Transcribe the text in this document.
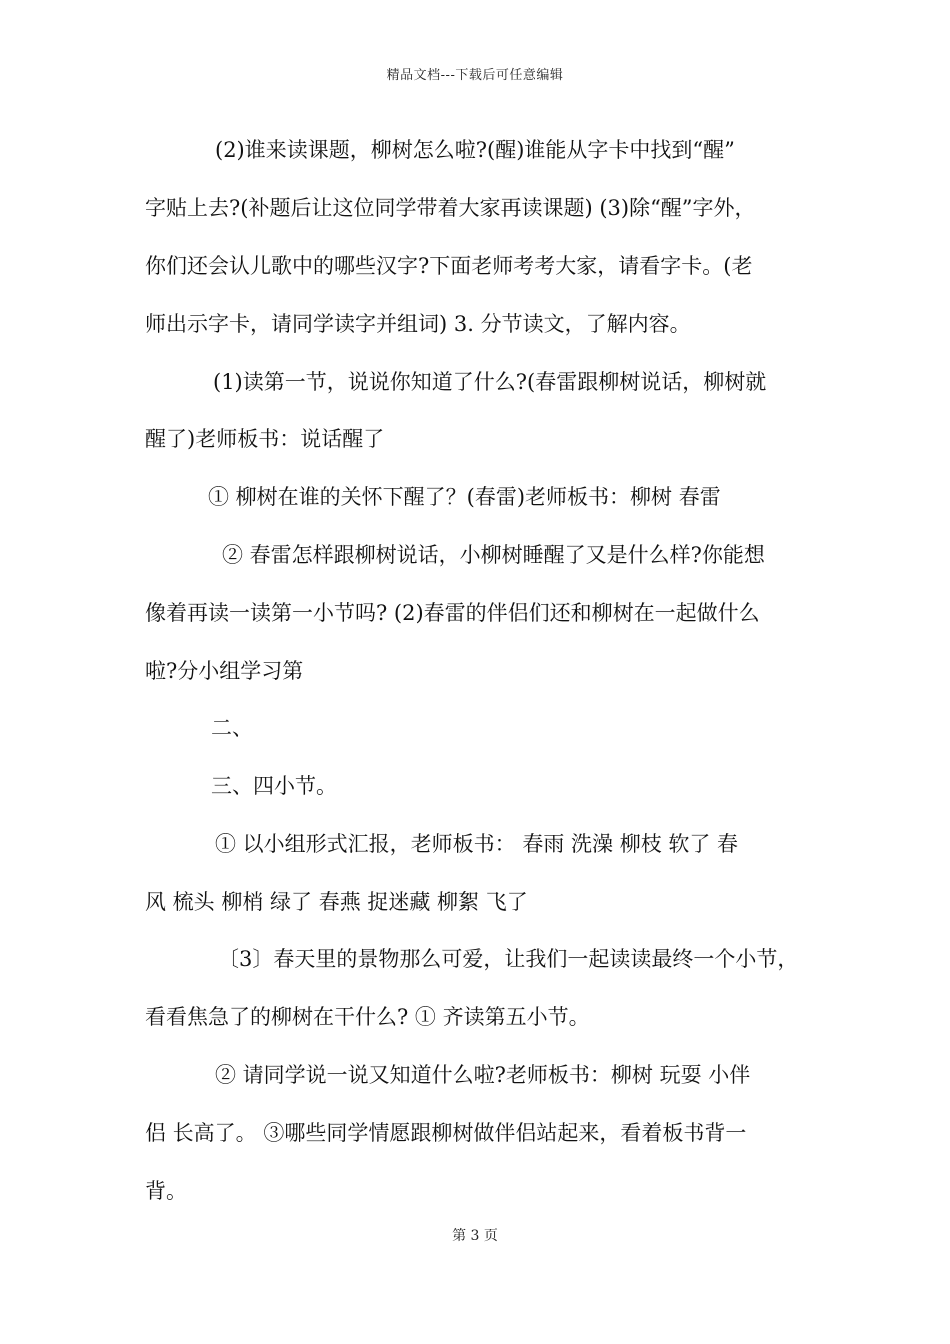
精品文档---下载后可任意编辑
(2)谁来读课题，柳树怎么啦?(醒)谁能从字卡中找到“醒”
字贴上去?(补题后让这位同学带着大家再读课题) (3)除“醒”字外，
你们还会认儿歌中的哪些汉字?下面老师考考大家，请看字卡。(老
师出示字卡，请同学读字并组词) 3. 分节读文，了解内容。
(1)读第一节，说说你知道了什么?(春雷跟柳树说话，柳树就
醒了)老师板书：说话醒了
① 柳树在谁的关怀下醒了？(春雷)老师板书：柳树 春雷
② 春雷怎样跟柳树说话，小柳树睡醒了又是什么样?你能想
像着再读一读第一小节吗? (2)春雷的伴侣们还和柳树在一起做什么
啦?分小组学习第
二、
三、四小节。
① 以小组形式汇报，老师板书： 春雨 洗澡 柳枝 软了 春
风 梳头 柳梢 绿了 春燕 捉迷藏 柳絮 飞了
〔3〕春天里的景物那么可爱，让我们一起读读最终一个小节，
看看焦急了的柳树在干什么? ① 齐读第五小节。
② 请同学说一说又知道什么啦?老师板书：柳树 玩耍 小伴
侣 长高了。 ③哪些同学情愿跟柳树做伴侣站起来，看着板书背一
背。
第 3 页
